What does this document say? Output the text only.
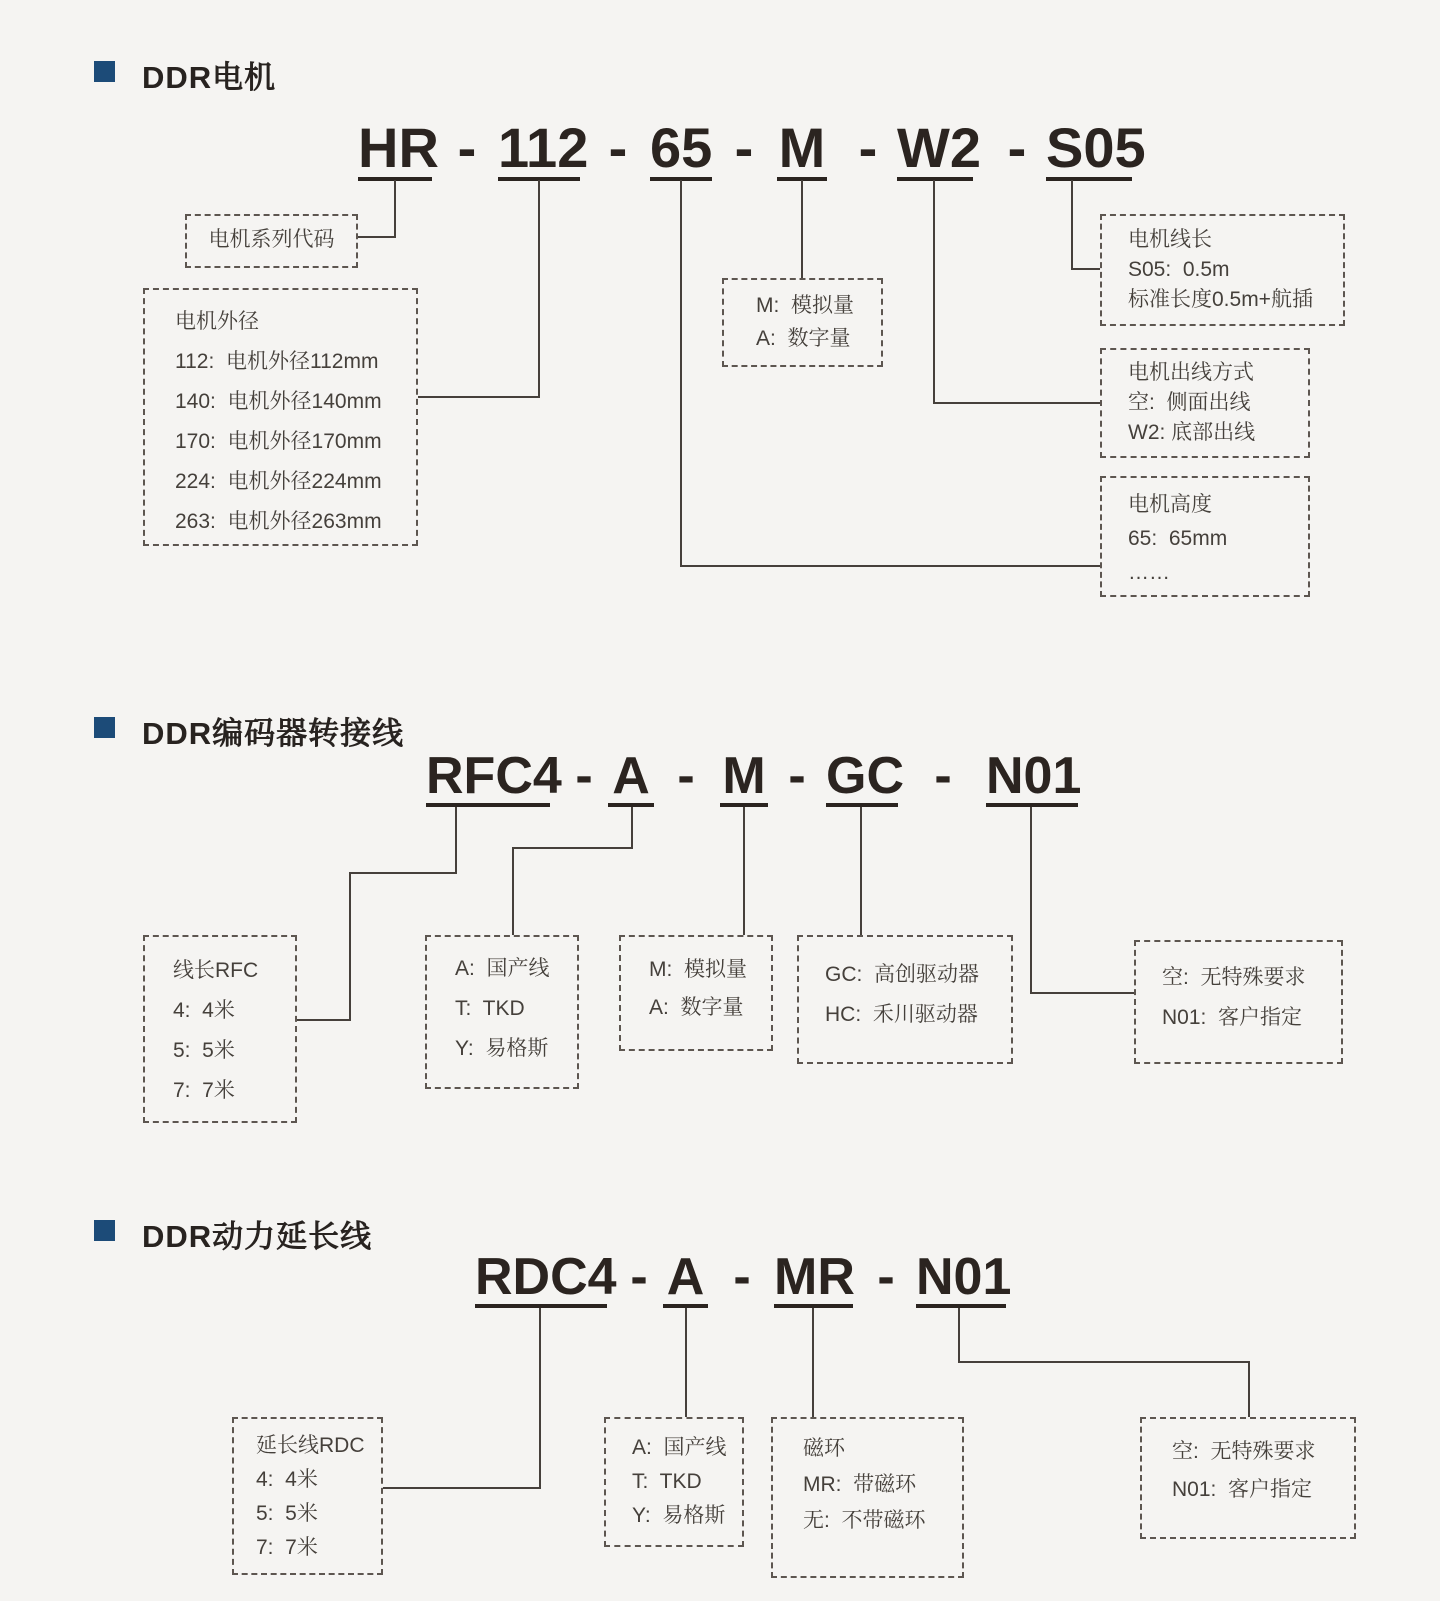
DDR电机
HR - 112 - 65 - M - W2 - S05
电机系列代码
电机外径
112:  电机外径112mm
140:  电机外径140mm
170:  电机外径170mm
224:  电机外径224mm
263:  电机外径263mm
M:  模拟量
A:  数字量
电机线长
S05:  0.5m
标准长度0.5m+航插
电机出线方式
空:  侧面出线
W2: 底部出线
电机高度
65:  65mm
……
DDR编码器转接线
RFC4 - A - M - GC - N01
线长RFC
4:  4米
5:  5米
7:  7米
A:  国产线
T:  TKD
Y:  易格斯
M:  模拟量
A:  数字量
GC:  高创驱动器
HC:  禾川驱动器
空:  无特殊要求
N01:  客户指定
DDR动力延长线
RDC4 - A - MR - N01
延长线RDC
4:  4米
5:  5米
7:  7米
A:  国产线
T:  TKD
Y:  易格斯
磁环
MR:  带磁环
无:  不带磁环
空:  无特殊要求
N01:  客户指定
